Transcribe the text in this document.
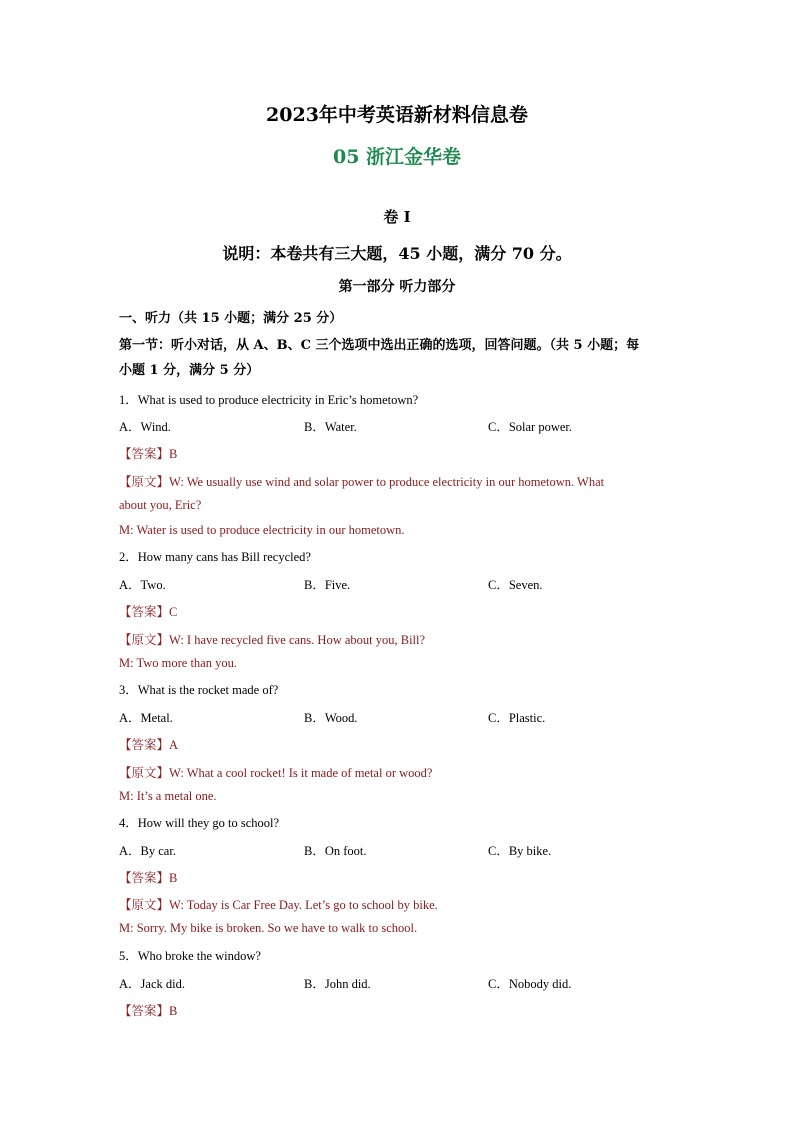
2023年中考英语新材料信息卷
05 浙江金华卷
卷 I
说明：本卷共有三大题，45 小题，满分 70 分。
第一部分 听力部分
一、听力（共 15 小题；满分 25 分）
第一节：听小对话，从 A、B、C 三个选项中选出正确的选项，回答问题。（共 5 小题；每
小题 1 分，满分 5 分）
1．What is used to produce electricity in Eric’s hometown?
A．Wind.	B．Water.	C．Solar power.
【答案】B
【原文】W: We usually use wind and solar power to produce electricity in our hometown. What
about you, Eric?
M: Water is used to produce electricity in our hometown.
2．How many cans has Bill recycled?
A．Two.	B．Five.	C．Seven.
【答案】C
【原文】W: I have recycled five cans. How about you, Bill?
M: Two more than you.
3．What is the rocket made of?
A．Metal.	B．Wood.	C．Plastic.
【答案】A
【原文】W: What a cool rocket! Is it made of metal or wood?
M: It’s a metal one.
4．How will they go to school?
A．By car.	B．On foot.	C．By bike.
【答案】B
【原文】W: Today is Car Free Day. Let’s go to school by bike.
M: Sorry. My bike is broken. So we have to walk to school.
5．Who broke the window?
A．Jack did.	B．John did.	C．Nobody did.
【答案】B
